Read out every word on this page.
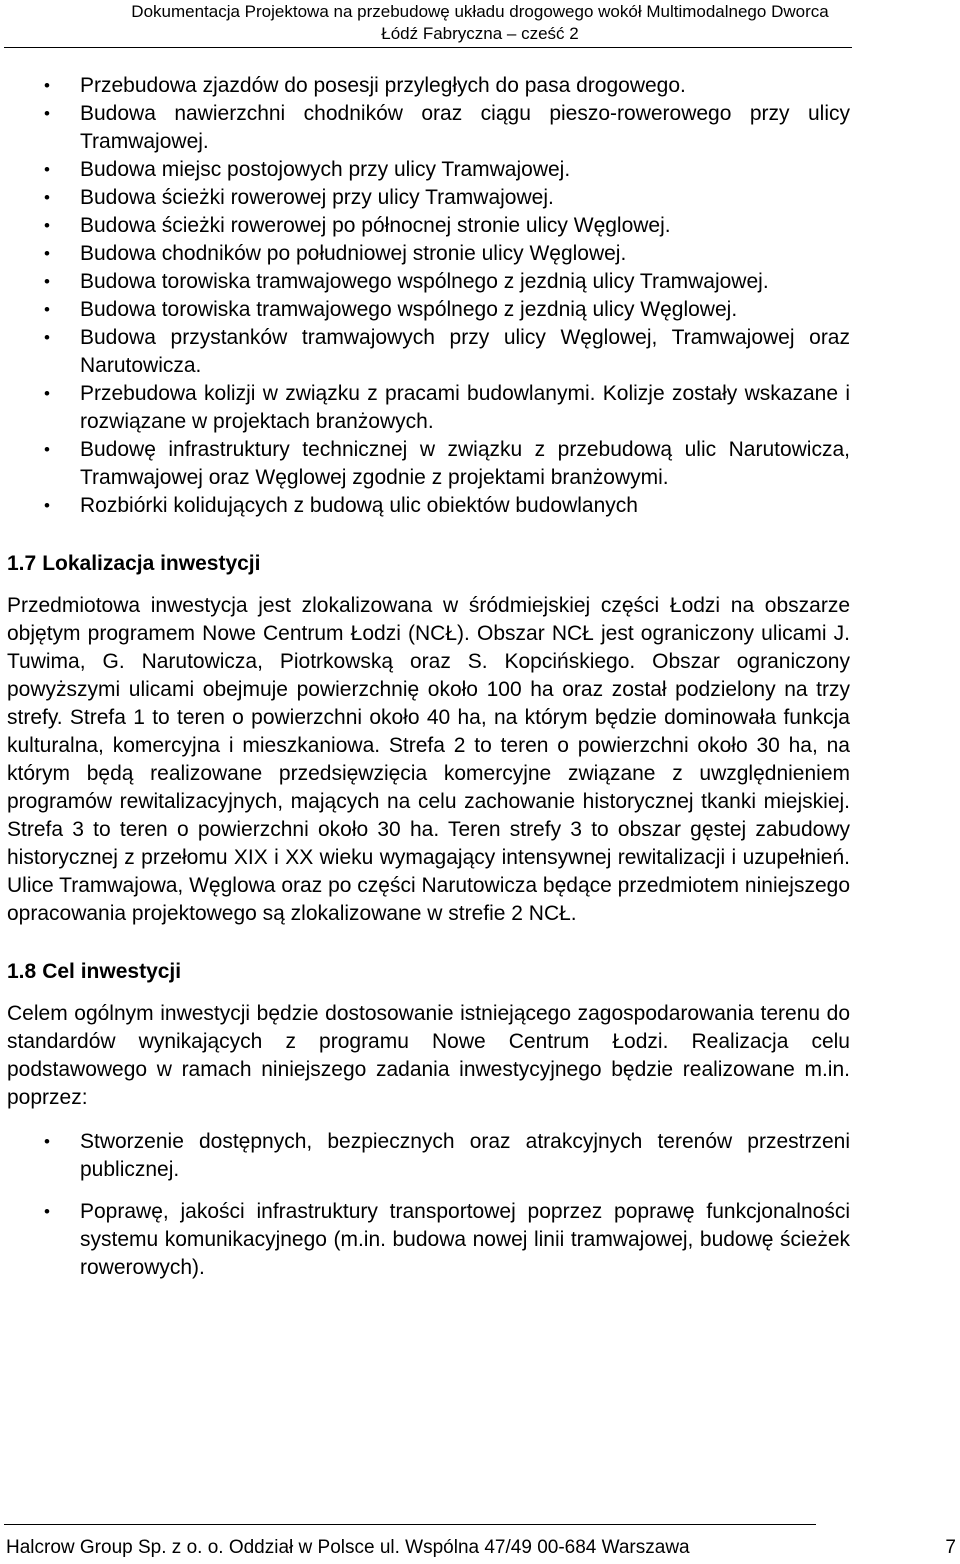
Dokumentacja Projektowa na przebudowę układu drogowego wokół Multimodalnego Dworca
Łódź Fabryczna – cześć 2
• Przebudowa zjazdów do posesji przyległych do pasa drogowego.
• Budowa nawierzchni chodników oraz ciągu pieszo-rowerowego przy ulicy Tramwajowej.
• Budowa miejsc postojowych przy ulicy Tramwajowej.
• Budowa ścieżki rowerowej przy ulicy Tramwajowej.
• Budowa ścieżki rowerowej po północnej stronie ulicy Węglowej.
• Budowa chodników po południowej stronie ulicy Węglowej.
• Budowa torowiska tramwajowego wspólnego z jezdnią ulicy Tramwajowej.
• Budowa torowiska tramwajowego wspólnego z jezdnią ulicy Węglowej.
• Budowa przystanków tramwajowych przy ulicy Węglowej, Tramwajowej oraz Narutowicza.
• Przebudowa kolizji w związku z pracami budowlanymi. Kolizje zostały wskazane i rozwiązane w projektach branżowych.
• Budowę infrastruktury technicznej w związku z przebudową ulic Narutowicza, Tramwajowej oraz Węglowej zgodnie z projektami branżowymi.
• Rozbiórki kolidujących z budową ulic obiektów budowlanych
1.7 Lokalizacja inwestycji

Przedmiotowa inwestycja jest zlokalizowana w śródmiejskiej części Łodzi na obszarze objętym programem Nowe Centrum Łodzi (NCŁ). Obszar NCŁ jest ograniczony ulicami J. Tuwima, G. Narutowicza, Piotrkowską oraz S. Kopcińskiego. Obszar ograniczony powyższymi ulicami obejmuje powierzchnię około 100 ha oraz został podzielony na trzy strefy. Strefa 1 to teren o powierzchni około 40 ha, na którym będzie dominowała funkcja kulturalna, komercyjna i mieszkaniowa. Strefa 2 to teren o powierzchni około 30 ha, na którym będą realizowane przedsięwzięcia komercyjne związane z uwzględnieniem programów rewitalizacyjnych, mających na celu zachowanie historycznej tkanki miejskiej. Strefa 3 to teren o powierzchni około 30 ha. Teren strefy 3 to obszar gęstej zabudowy historycznej z przełomu XIX i XX wieku wymagający intensywnej rewitalizacji i uzupełnień. Ulice Tramwajowa, Węglowa oraz po części Narutowicza będące przedmiotem niniejszego opracowania projektowego są zlokalizowane w strefie 2 NCŁ.

1.8 Cel inwestycji

Celem ogólnym inwestycji będzie dostosowanie istniejącego zagospodarowania terenu do standardów wynikających z programu Nowe Centrum Łodzi. Realizacja celu podstawowego w ramach niniejszego zadania inwestycyjnego będzie realizowane m.in. poprzez:

• Stworzenie dostępnych, bezpiecznych oraz atrakcyjnych terenów przestrzeni publicznej.
• Poprawę, jakości infrastruktury transportowej poprzez poprawę funkcjonalności systemu komunikacyjnego (m.in. budowa nowej linii tramwajowej, budowę ścieżek rowerowych).
Halcrow Group Sp. z o. o. Oddział w Polsce ul. Wspólna 47/49 00-684 Warszawa	7
